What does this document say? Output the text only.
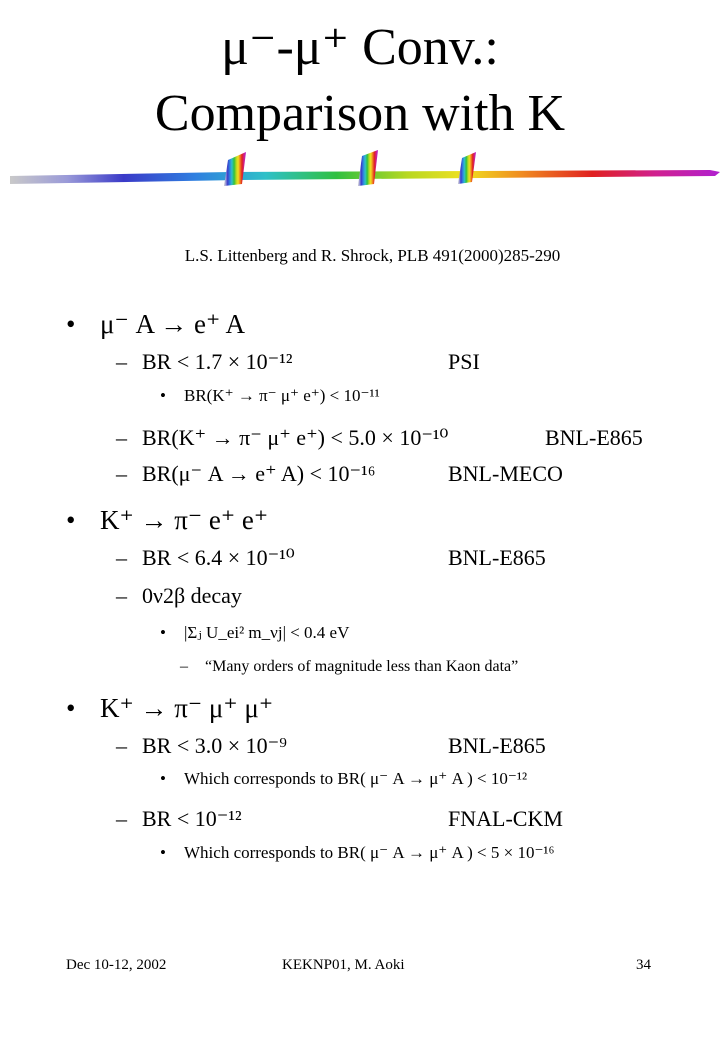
μ⁻-μ⁺ Conv.:
Comparison with K
L.S. Littenberg and R. Shrock, PLB 491(2000)285-290
• μ⁻ A → e⁺ A
– BR < 1.7 × 10⁻¹²	PSI
• BR(K⁺ → π⁻ μ⁺ e⁺) < 10⁻¹¹
– BR(K⁺ → π⁻ μ⁺ e⁺) < 5.0 × 10⁻¹⁰	BNL-E865
– BR(μ⁻ A → e⁺ A) < 10⁻¹⁶	BNL-MECO
• K⁺ → π⁻ e⁺ e⁺
– BR < 6.4 × 10⁻¹⁰	BNL-E865
– 0ν2β decay
• |Σⱼ U_ei² m_νj| < 0.4 eV
– “Many orders of magnitude less than Kaon data”
• K⁺ → π⁻ μ⁺ μ⁺
– BR < 3.0 × 10⁻⁹	BNL-E865
• Which corresponds to BR( μ⁻ A → μ⁺ A ) < 10⁻¹²
– BR < 10⁻¹²	FNAL-CKM
• Which corresponds to BR( μ⁻ A → μ⁺ A ) < 5 × 10⁻¹⁶
Dec 10-12, 2002	KEKNP01, M. Aoki	34
